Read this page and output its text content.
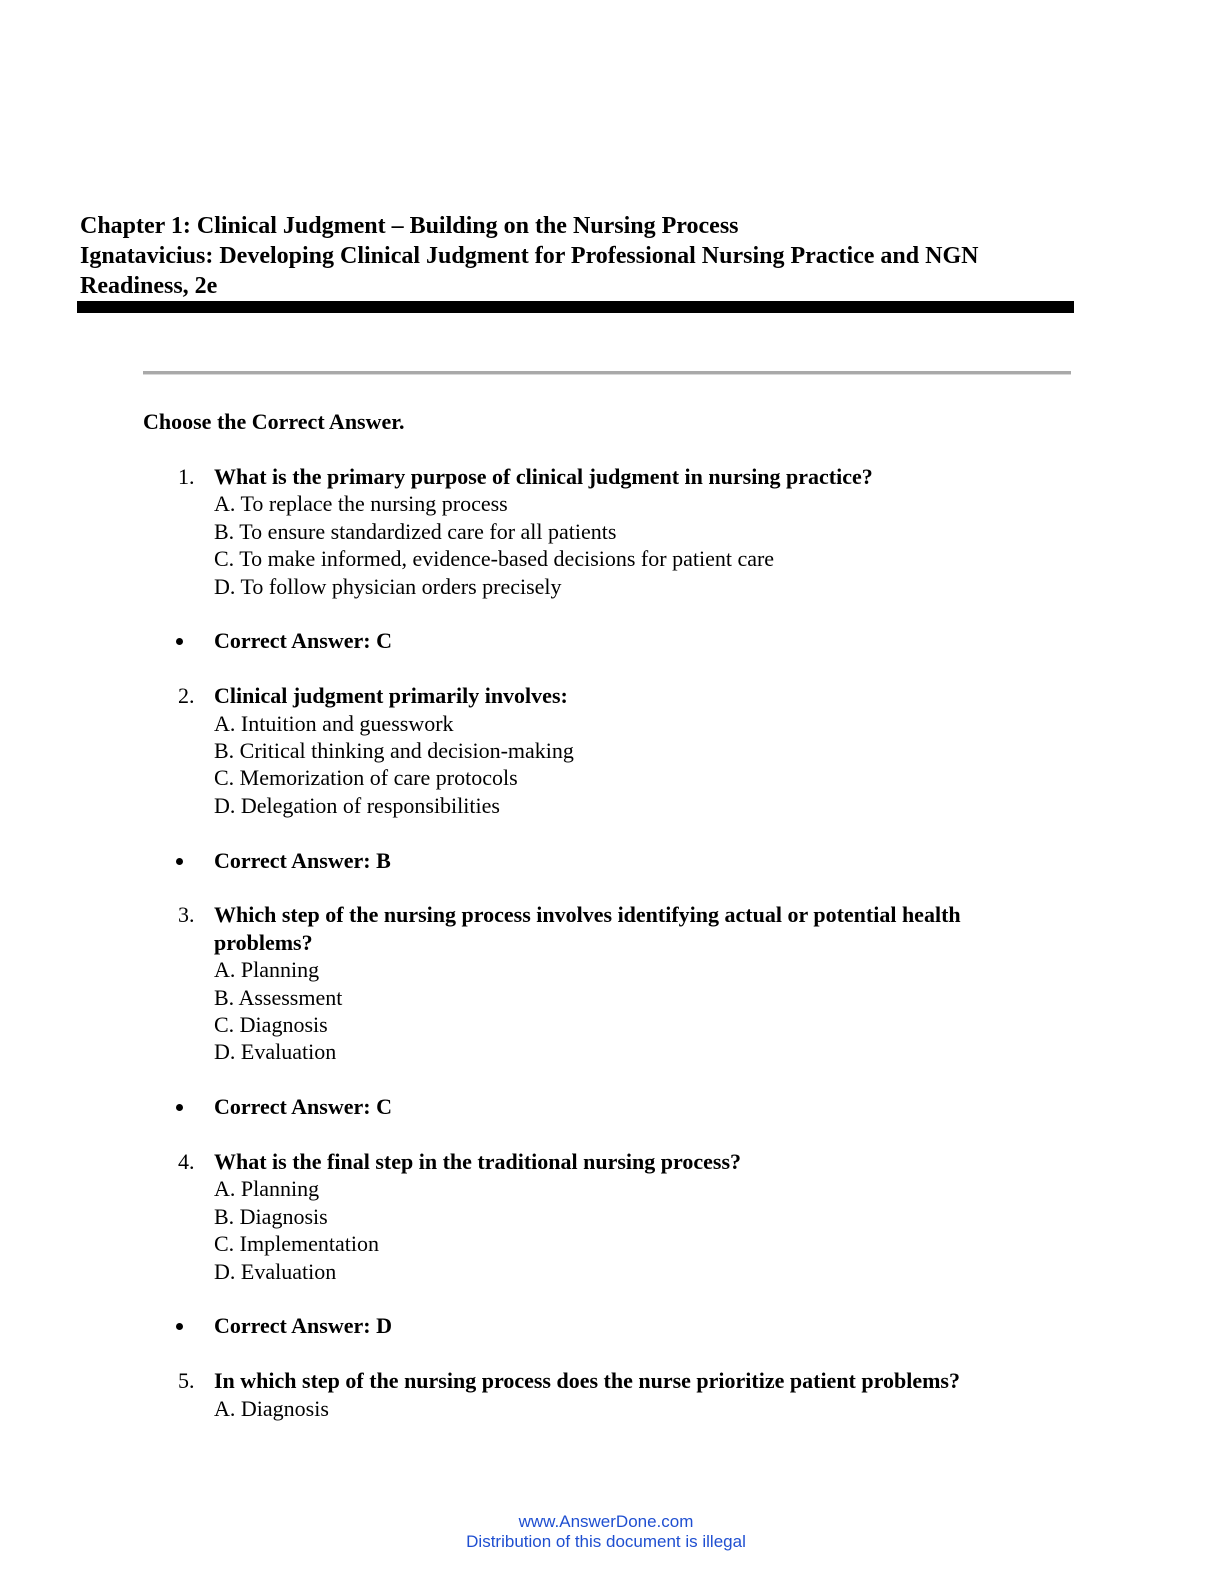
Chapter 1: Clinical Judgment – Building on the Nursing Process
Ignatavicius: Developing Clinical Judgment for Professional Nursing Practice and NGN
Readiness, 2e
Choose the Correct Answer.
1. What is the primary purpose of clinical judgment in nursing practice?
A. To replace the nursing process
B. To ensure standardized care for all patients
C. To make informed, evidence-based decisions for patient care
D. To follow physician orders precisely
Correct Answer: C
2. Clinical judgment primarily involves:
A. Intuition and guesswork
B. Critical thinking and decision-making
C. Memorization of care protocols
D. Delegation of responsibilities
Correct Answer: B
3. Which step of the nursing process involves identifying actual or potential health problems?
A. Planning
B. Assessment
C. Diagnosis
D. Evaluation
Correct Answer: C
4. What is the final step in the traditional nursing process?
A. Planning
B. Diagnosis
C. Implementation
D. Evaluation
Correct Answer: D
5. In which step of the nursing process does the nurse prioritize patient problems?
A. Diagnosis
www.AnswerDone.com
Distribution of this document is illegal
